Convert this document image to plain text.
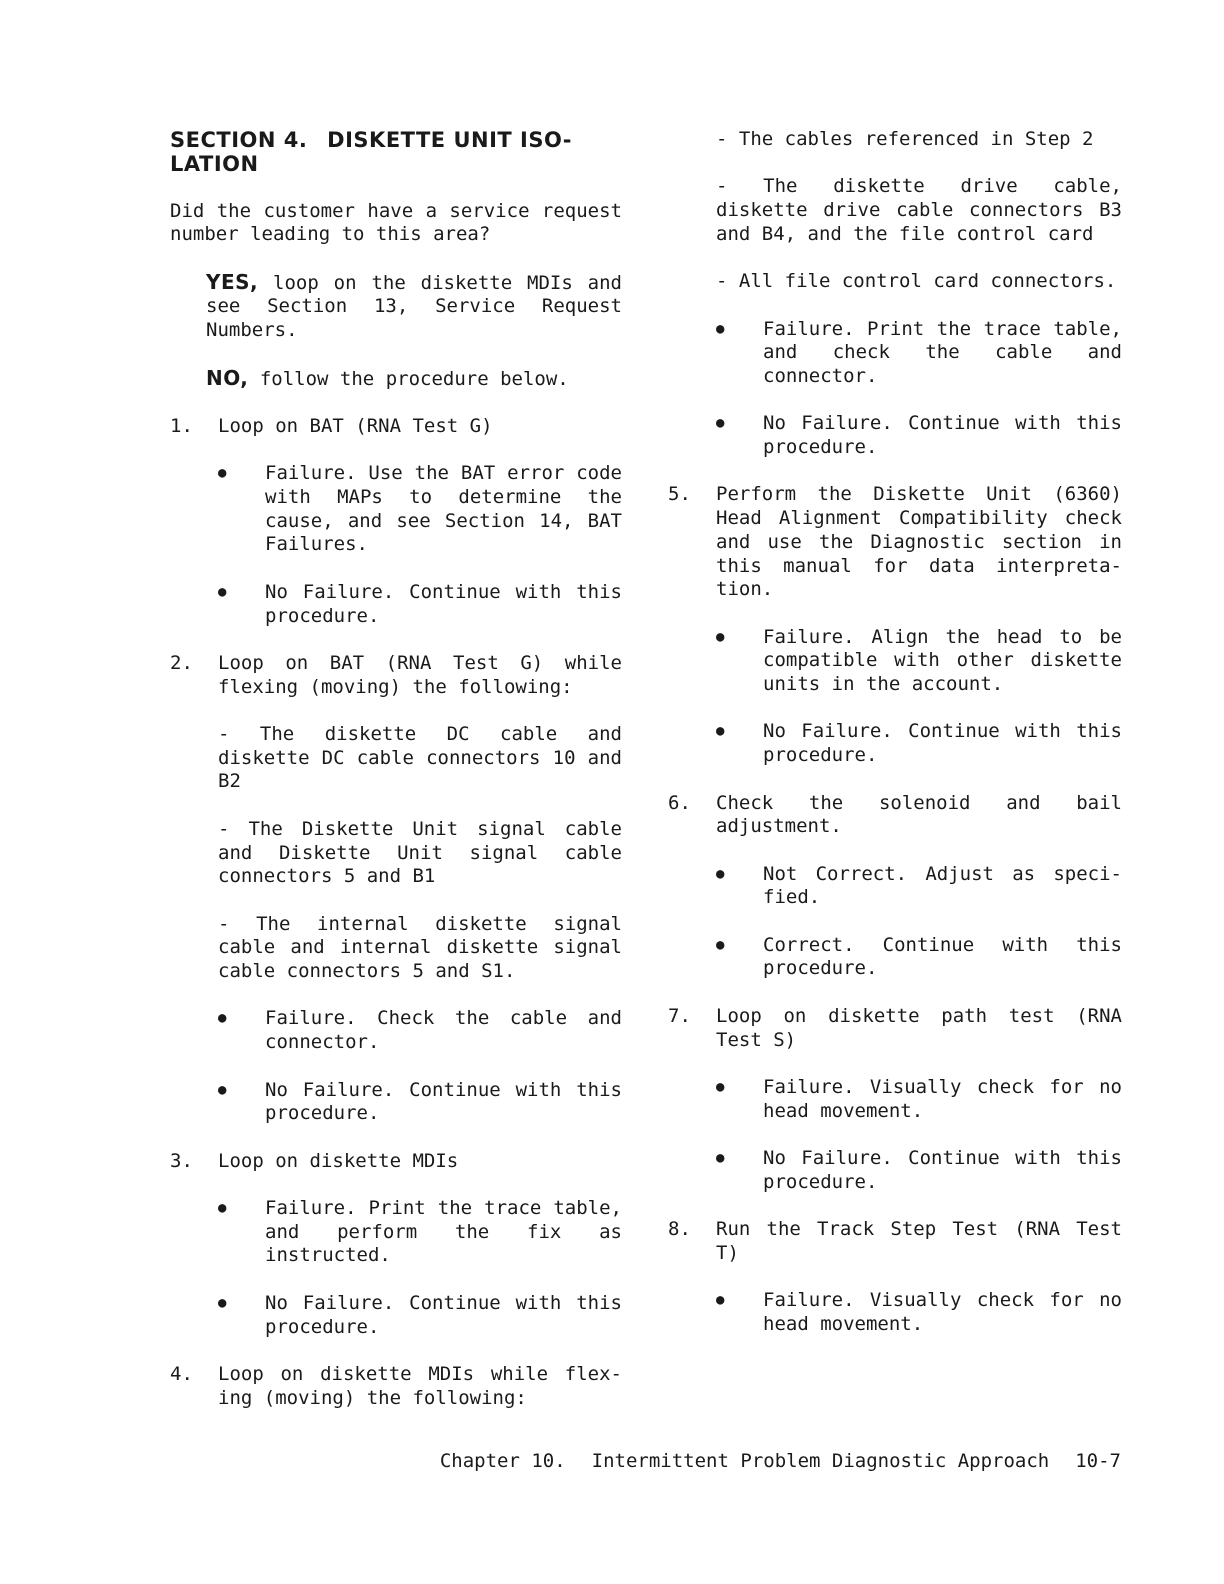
SECTION 4. DISKETTE UNIT ISO-LATION

Did the customer have a service request number leading to this area?

YES, loop on the diskette MDIs and see Section 13, Service Request Numbers.

NO, follow the procedure below.

1.	Loop on BAT (RNA Test G)
●	Failure. Use the BAT error code with MAPs to determine the cause, and see Section 14, BAT Failures.
●	No Failure. Continue with this procedure.
2.	Loop on BAT (RNA Test G) while flexing (moving) the following:

- The diskette DC cable and diskette DC cable connectors 10 and B2

- The Diskette Unit signal cable and Diskette Unit signal cable connectors 5 and B1

- The internal diskette signal cable and internal diskette signal cable connectors 5 and S1.

●	Failure. Check the cable and connector.
●	No Failure. Continue with this procedure.
3.	Loop on diskette MDIs
●	Failure. Print the trace table, and perform the fix as instructed.
●	No Failure. Continue with this procedure.
4.	Loop on diskette MDIs while flex-ing (moving) the following:

- The cables referenced in Step 2

- The diskette drive cable, diskette drive cable connectors B3 and B4, and the file control card

- All file control card connectors.

●	Failure. Print the trace table, and check the cable and connector.
●	No Failure. Continue with this procedure.
5.	Perform the Diskette Unit (6360) Head Alignment Compatibility check and use the Diagnostic section in this manual for data interpreta-tion.
●	Failure. Align the head to be compatible with other diskette units in the account.
●	No Failure. Continue with this procedure.
6.	Check the solenoid and bail adjustment.
●	Not Correct. Adjust as speci-fied.
●	Correct. Continue with this procedure.
7.	Loop on diskette path test (RNA Test S)
●	Failure. Visually check for no head movement.
●	No Failure. Continue with this procedure.
8.	Run the Track Step Test (RNA Test T)
●	Failure. Visually check for no head movement.
Chapter 10. Intermittent Problem Diagnostic Approach 10-7
